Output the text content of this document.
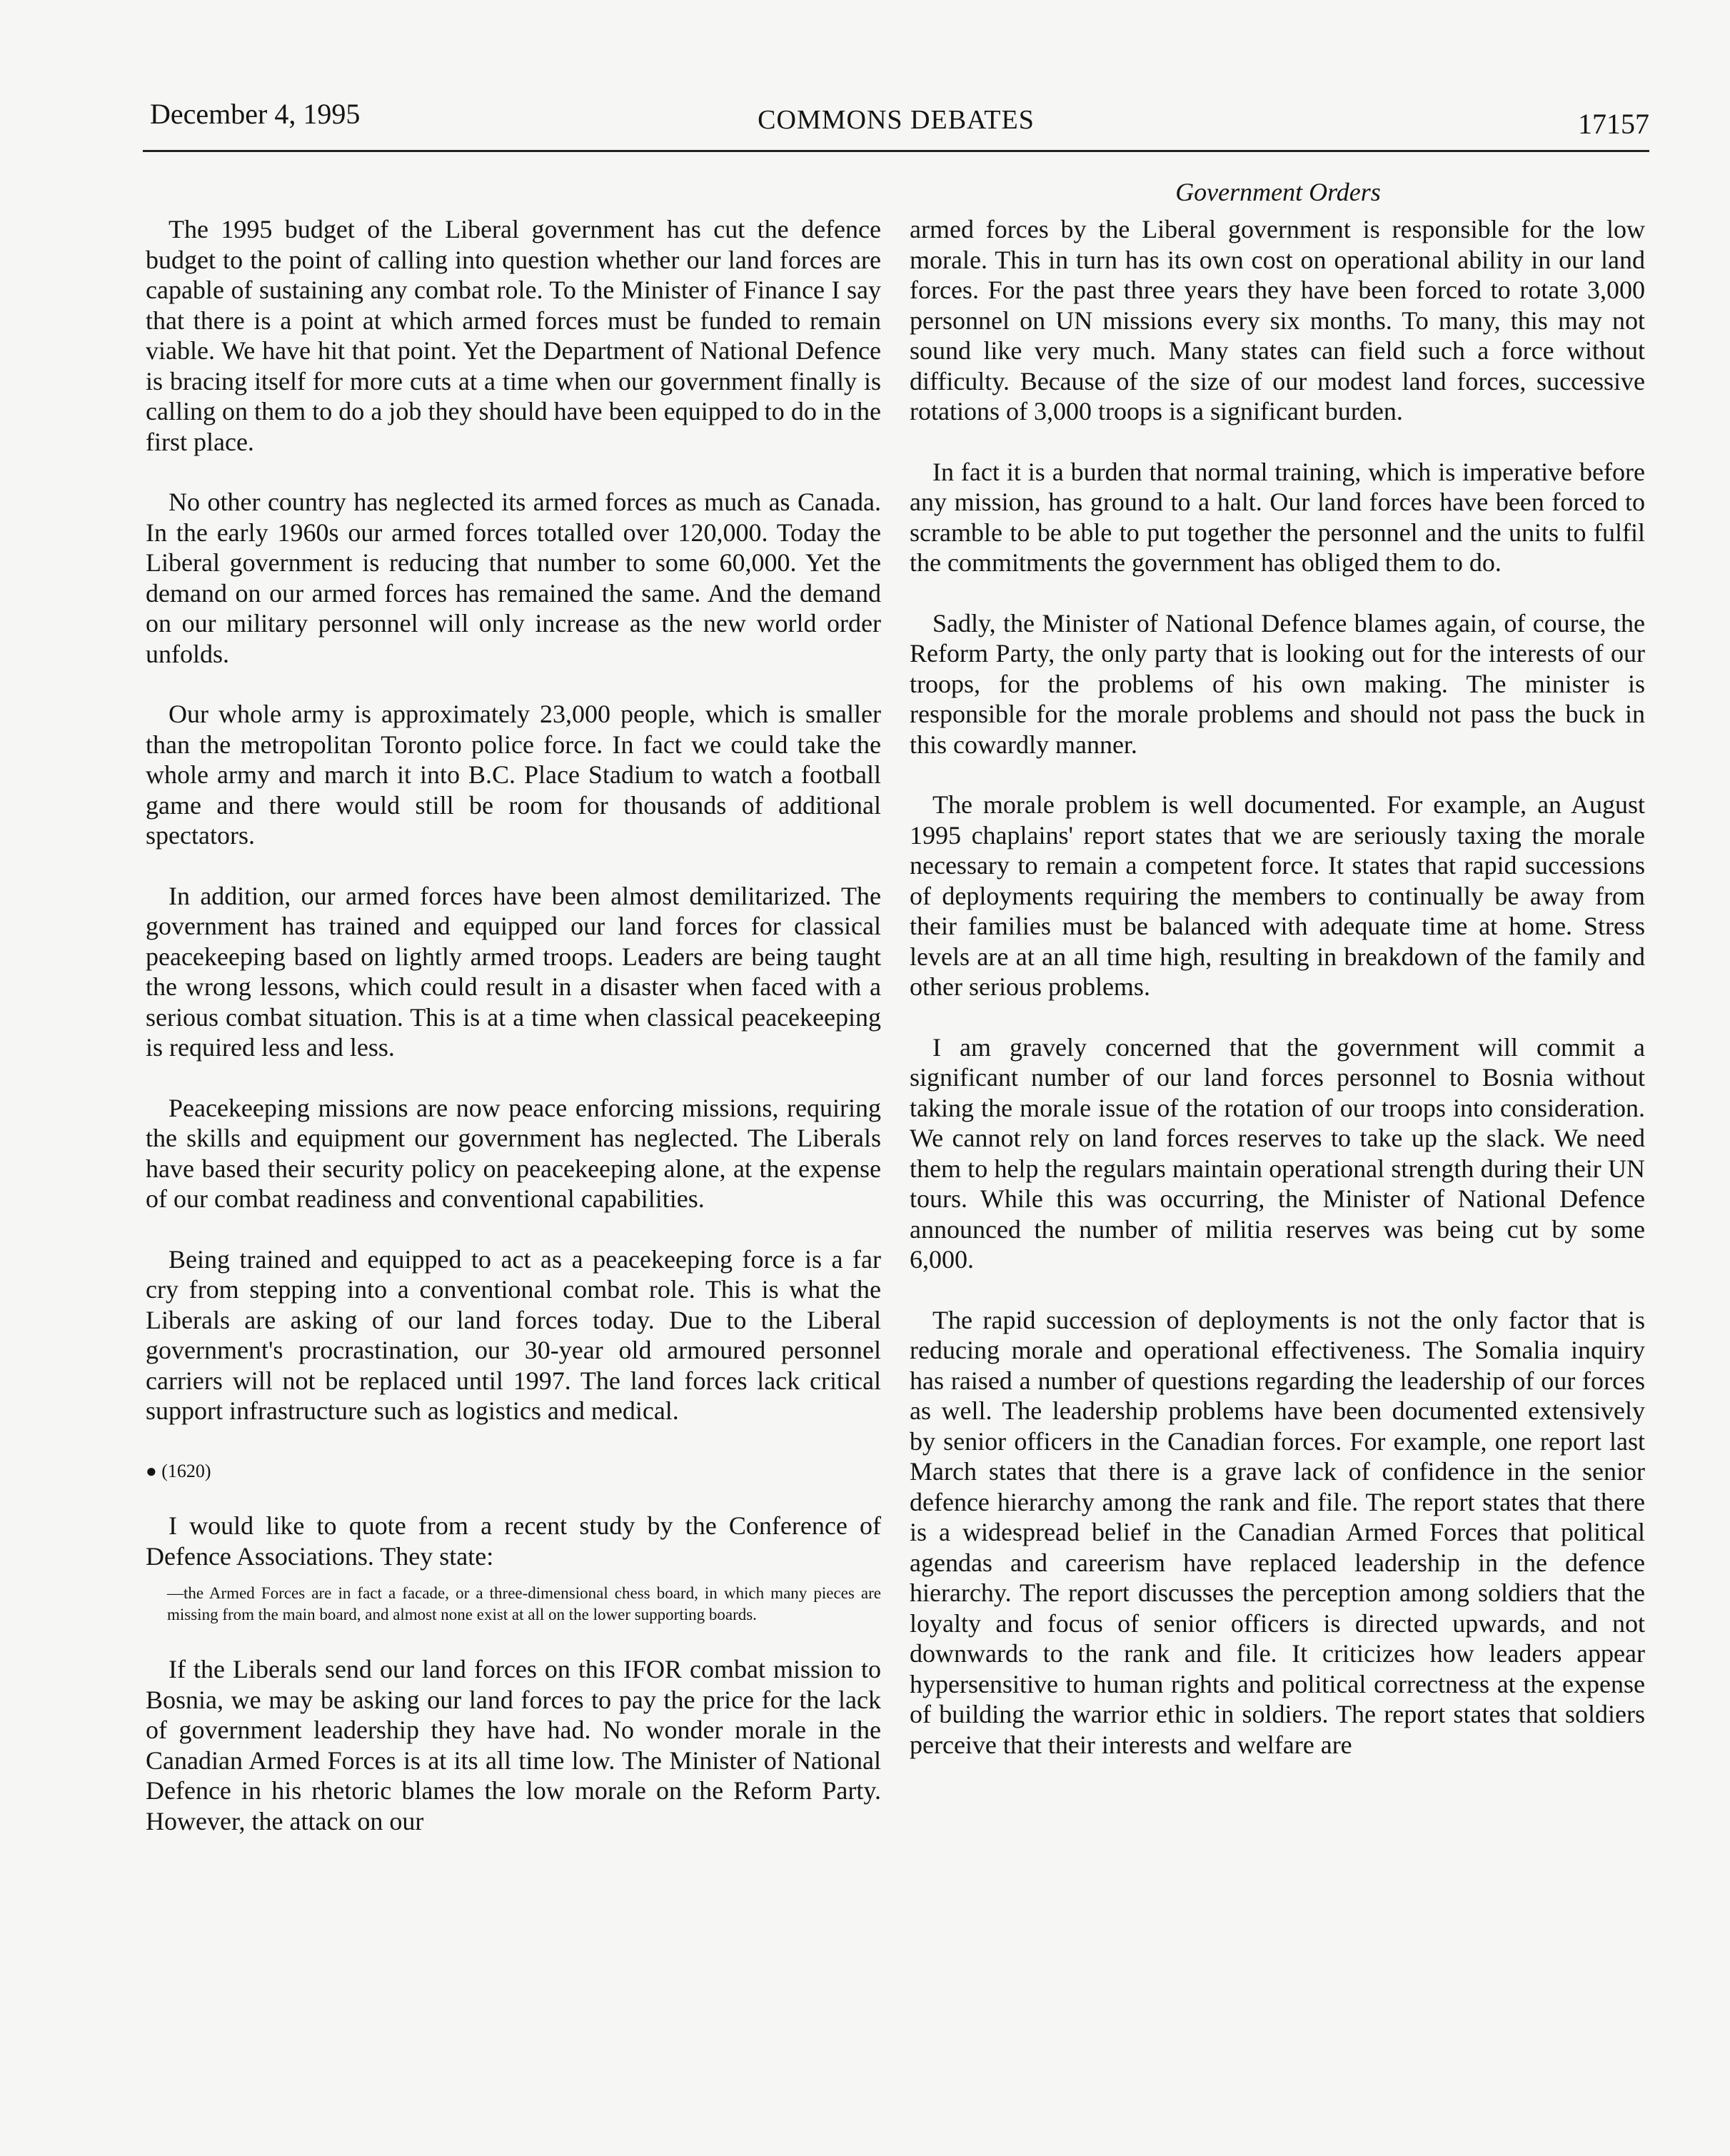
December 4, 1995	COMMONS DEBATES	17157
Government Orders

The 1995 budget of the Liberal government has cut the defence budget to the point of calling into question whether our land forces are capable of sustaining any combat role. To the Minister of Finance I say that there is a point at which armed forces must be funded to remain viable. We have hit that point. Yet the Department of National Defence is bracing itself for more cuts at a time when our government finally is calling on them to do a job they should have been equipped to do in the first place.

No other country has neglected its armed forces as much as Canada. In the early 1960s our armed forces totalled over 120,000. Today the Liberal government is reducing that number to some 60,000. Yet the demand on our armed forces has remained the same. And the demand on our military personnel will only increase as the new world order unfolds.

Our whole army is approximately 23,000 people, which is smaller than the metropolitan Toronto police force. In fact we could take the whole army and march it into B.C. Place Stadium to watch a football game and there would still be room for thousands of additional spectators.

In addition, our armed forces have been almost demilitarized. The government has trained and equipped our land forces for classical peacekeeping based on lightly armed troops. Leaders are being taught the wrong lessons, which could result in a disaster when faced with a serious combat situation. This is at a time when classical peacekeeping is required less and less.

Peacekeeping missions are now peace enforcing missions, requiring the skills and equipment our government has neglected. The Liberals have based their security policy on peacekeeping alone, at the expense of our combat readiness and conventional capabilities.

Being trained and equipped to act as a peacekeeping force is a far cry from stepping into a conventional combat role. This is what the Liberals are asking of our land forces today. Due to the Liberal government's procrastination, our 30-year old armoured personnel carriers will not be replaced until 1997. The land forces lack critical support infrastructure such as logistics and medical.

● (1620)

I would like to quote from a recent study by the Conference of Defence Associations. They state:

—the Armed Forces are in fact a facade, or a three-dimensional chess board, in which many pieces are missing from the main board, and almost none exist at all on the lower supporting boards.

If the Liberals send our land forces on this IFOR combat mission to Bosnia, we may be asking our land forces to pay the price for the lack of government leadership they have had. No wonder morale in the Canadian Armed Forces is at its all time low. The Minister of National Defence in his rhetoric blames the low morale on the Reform Party. However, the attack on our

armed forces by the Liberal government is responsible for the low morale. This in turn has its own cost on operational ability in our land forces. For the past three years they have been forced to rotate 3,000 personnel on UN missions every six months. To many, this may not sound like very much. Many states can field such a force without difficulty. Because of the size of our modest land forces, successive rotations of 3,000 troops is a significant burden.

In fact it is a burden that normal training, which is imperative before any mission, has ground to a halt. Our land forces have been forced to scramble to be able to put together the personnel and the units to fulfil the commitments the government has obliged them to do.

Sadly, the Minister of National Defence blames again, of course, the Reform Party, the only party that is looking out for the interests of our troops, for the problems of his own making. The minister is responsible for the morale problems and should not pass the buck in this cowardly manner.

The morale problem is well documented. For example, an August 1995 chaplains' report states that we are seriously taxing the morale necessary to remain a competent force. It states that rapid successions of deployments requiring the members to continually be away from their families must be balanced with adequate time at home. Stress levels are at an all time high, resulting in breakdown of the family and other serious problems.

I am gravely concerned that the government will commit a significant number of our land forces personnel to Bosnia without taking the morale issue of the rotation of our troops into consideration. We cannot rely on land forces reserves to take up the slack. We need them to help the regulars maintain operational strength during their UN tours. While this was occurring, the Minister of National Defence announced the number of militia reserves was being cut by some 6,000.

The rapid succession of deployments is not the only factor that is reducing morale and operational effectiveness. The Somalia inquiry has raised a number of questions regarding the leadership of our forces as well. The leadership problems have been documented extensively by senior officers in the Canadian forces. For example, one report last March states that there is a grave lack of confidence in the senior defence hierarchy among the rank and file. The report states that there is a widespread belief in the Canadian Armed Forces that political agendas and careerism have replaced leadership in the defence hierarchy. The report discusses the perception among soldiers that the loyalty and focus of senior officers is directed upwards, and not downwards to the rank and file. It criticizes how leaders appear hypersensitive to human rights and political correctness at the expense of building the warrior ethic in soldiers. The report states that soldiers perceive that their interests and welfare are
